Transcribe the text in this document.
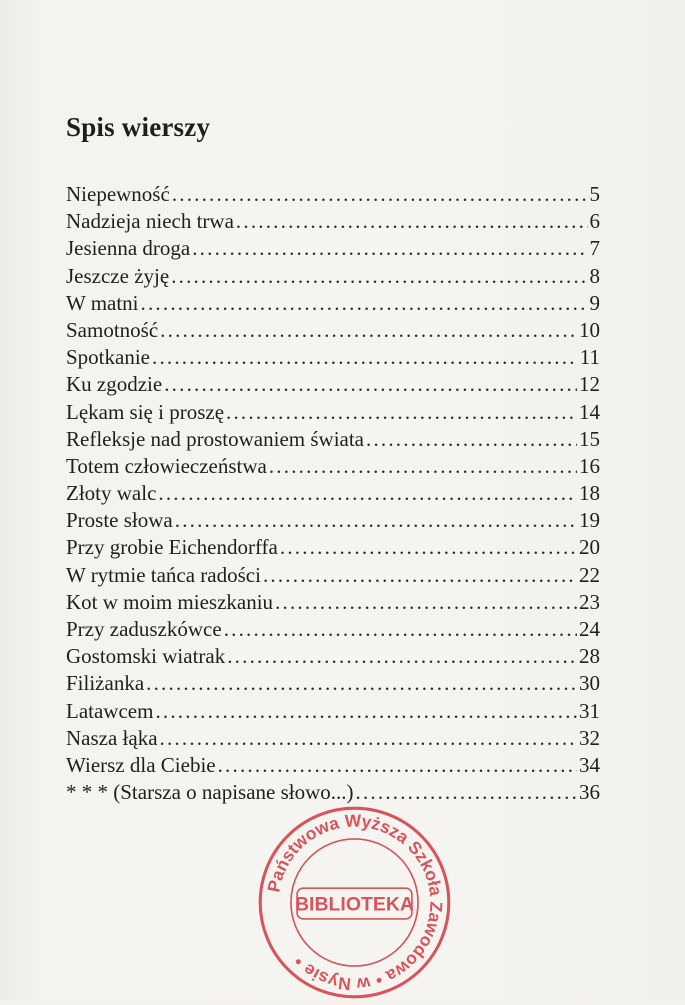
Spis wierszy
Niepewność .....	5
Nadzieja niech trwa .....	6
Jesienna droga .....	7
Jeszcze żyję .....	8
W matni .....	9
Samotność .....	10
Spotkanie .....	11
Ku zgodzie .....	12
Lękam się i proszę .....	14
Refleksje nad prostowaniem świata .....	15
Totem człowieczeństwa .....	16
Złoty walc .....	18
Proste słowa .....	19
Przy grobie Eichendorffa .....	20
W rytmie tańca radości .....	22
Kot w moim mieszkaniu .....	23
Przy zaduszkówce .....	24
Gostomski wiatrak .....	28
Filiżanka .....	30
Latawcem .....	31
Nasza łąka .....	32
Wiersz dla Ciebie .....	34
* * * (Starsza o napisane słowo...) .....	36
Państwowa Wyższa Szkoła Zawodowa • w Nysie •
BIBLIOTEKA
